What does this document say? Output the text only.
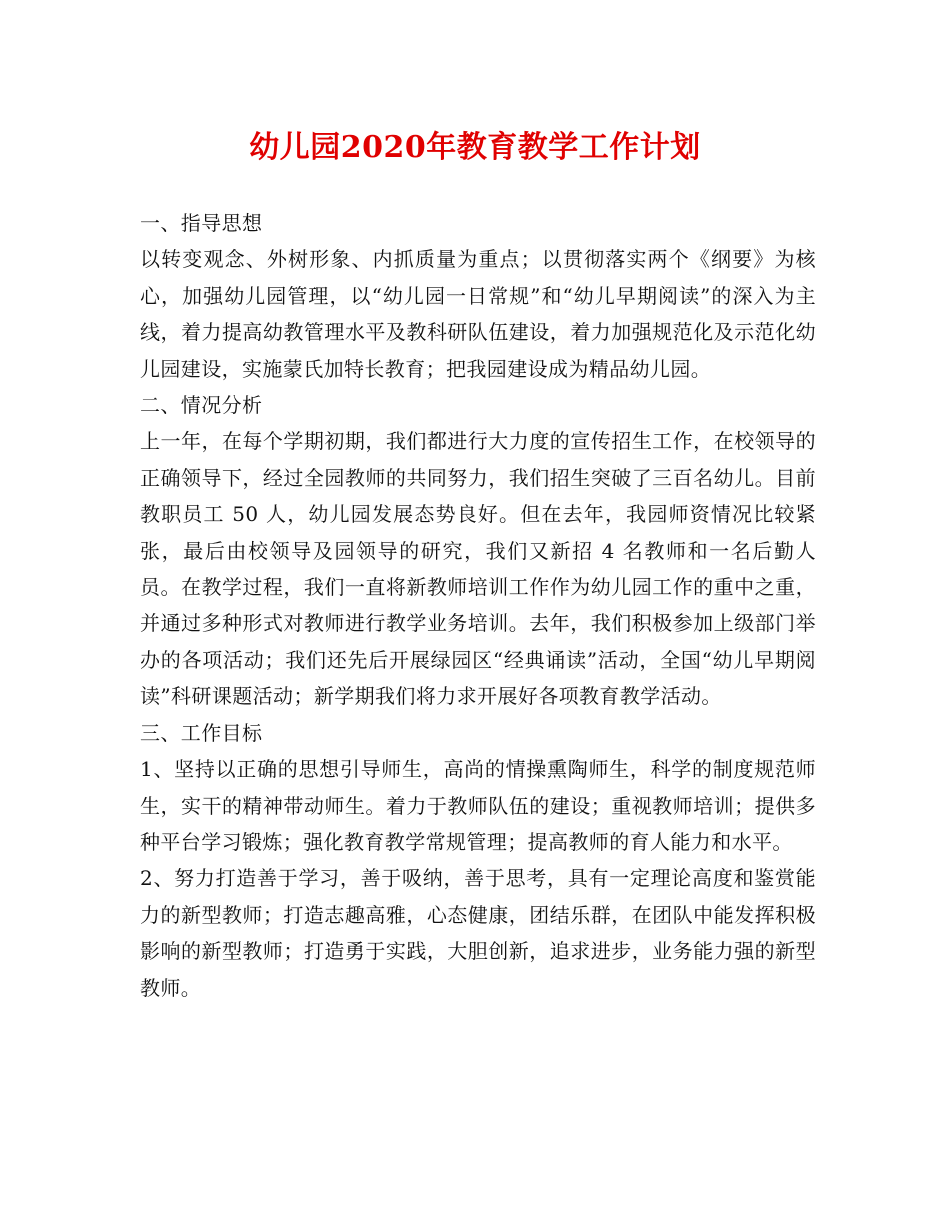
幼儿园2020年教育教学工作计划

一、指导思想

以转变观念、外树形象、内抓质量为重点；以贯彻落实两个《纲要》为核心，加强幼儿园管理，以“幼儿园一日常规”和“幼儿早期阅读”的深入为主线，着力提高幼教管理水平及教科研队伍建设，着力加强规范化及示范化幼儿园建设，实施蒙氏加特长教育；把我园建设成为精品幼儿园。

二、情况分析

上一年，在每个学期初期，我们都进行大力度的宣传招生工作，在校领导的正确领导下，经过全园教师的共同努力，我们招生突破了三百名幼儿。目前教职员工 50 人，幼儿园发展态势良好。但在去年，我园师资情况比较紧张，最后由校领导及园领导的研究，我们又新招 4 名教师和一名后勤人员。在教学过程，我们一直将新教师培训工作作为幼儿园工作的重中之重，并通过多种形式对教师进行教学业务培训。去年，我们积极参加上级部门举办的各项活动；我们还先后开展绿园区“经典诵读”活动，全国“幼儿早期阅读”科研课题活动；新学期我们将力求开展好各项教育教学活动。

三、工作目标

1、坚持以正确的思想引导师生，高尚的情操熏陶师生，科学的制度规范师生，实干的精神带动师生。着力于教师队伍的建设；重视教师培训；提供多种平台学习锻炼；强化教育教学常规管理；提高教师的育人能力和水平。

2、努力打造善于学习，善于吸纳，善于思考，具有一定理论高度和鉴赏能力的新型教师；打造志趣高雅，心态健康，团结乐群，在团队中能发挥积极影响的新型教师；打造勇于实践，大胆创新，追求进步，业务能力强的新型教师。
